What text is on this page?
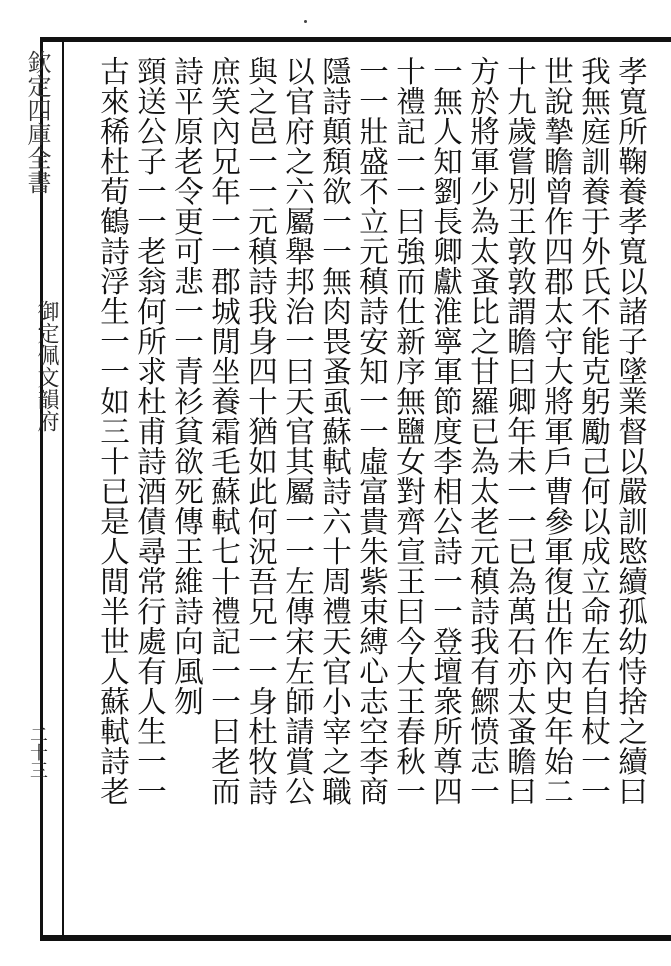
欽定四庫全書
御定佩文韻府
二十三	孝寬所鞠養孝寬以諸子墜業督以嚴訓愍續孤幼恃捨之續曰
我無庭訓養于外氏不能克躬勵己何以成立命左右自杖一一
世說摯瞻曾作四郡太守大將軍戶曹參軍復出作內史年始二
十九歲嘗別王敦敦謂瞻曰卿年未一一已為萬石亦太蚤瞻曰
方於將軍少為太蚤比之甘羅已為太老元稹詩我有鰥愤志一
一無人知劉長卿獻淮寧軍節度李相公詩一一登壇衆所尊四
十禮記一一曰強而仕新序無鹽女對齊宣王曰今大王春秋一
一一壯盛不立元稹詩安知一一虛富貴朱紫束縛心志空李商
隱詩顛頽欲一一無肉畏蚤虱蘇軾詩六十周禮天官小宰之職
以官府之六屬舉邦治一曰天官其屬一一左傳宋左師請賞公
與之邑一一元稹詩我身四十猶如此何況吾兄一一身杜牧詩
庶笑內兄年一一郡城閒坐養霜毛蘇軾七十禮記一一曰老而
詩平原老令更可悲一一青衫貧欲死傳王維詩向風刎
頸送公子一一老翁何所求杜甫詩酒債尋常行處有人生一一
古來稀杜荀鶴詩浮生一一如三十已是人間半世人蘇軾詩老
